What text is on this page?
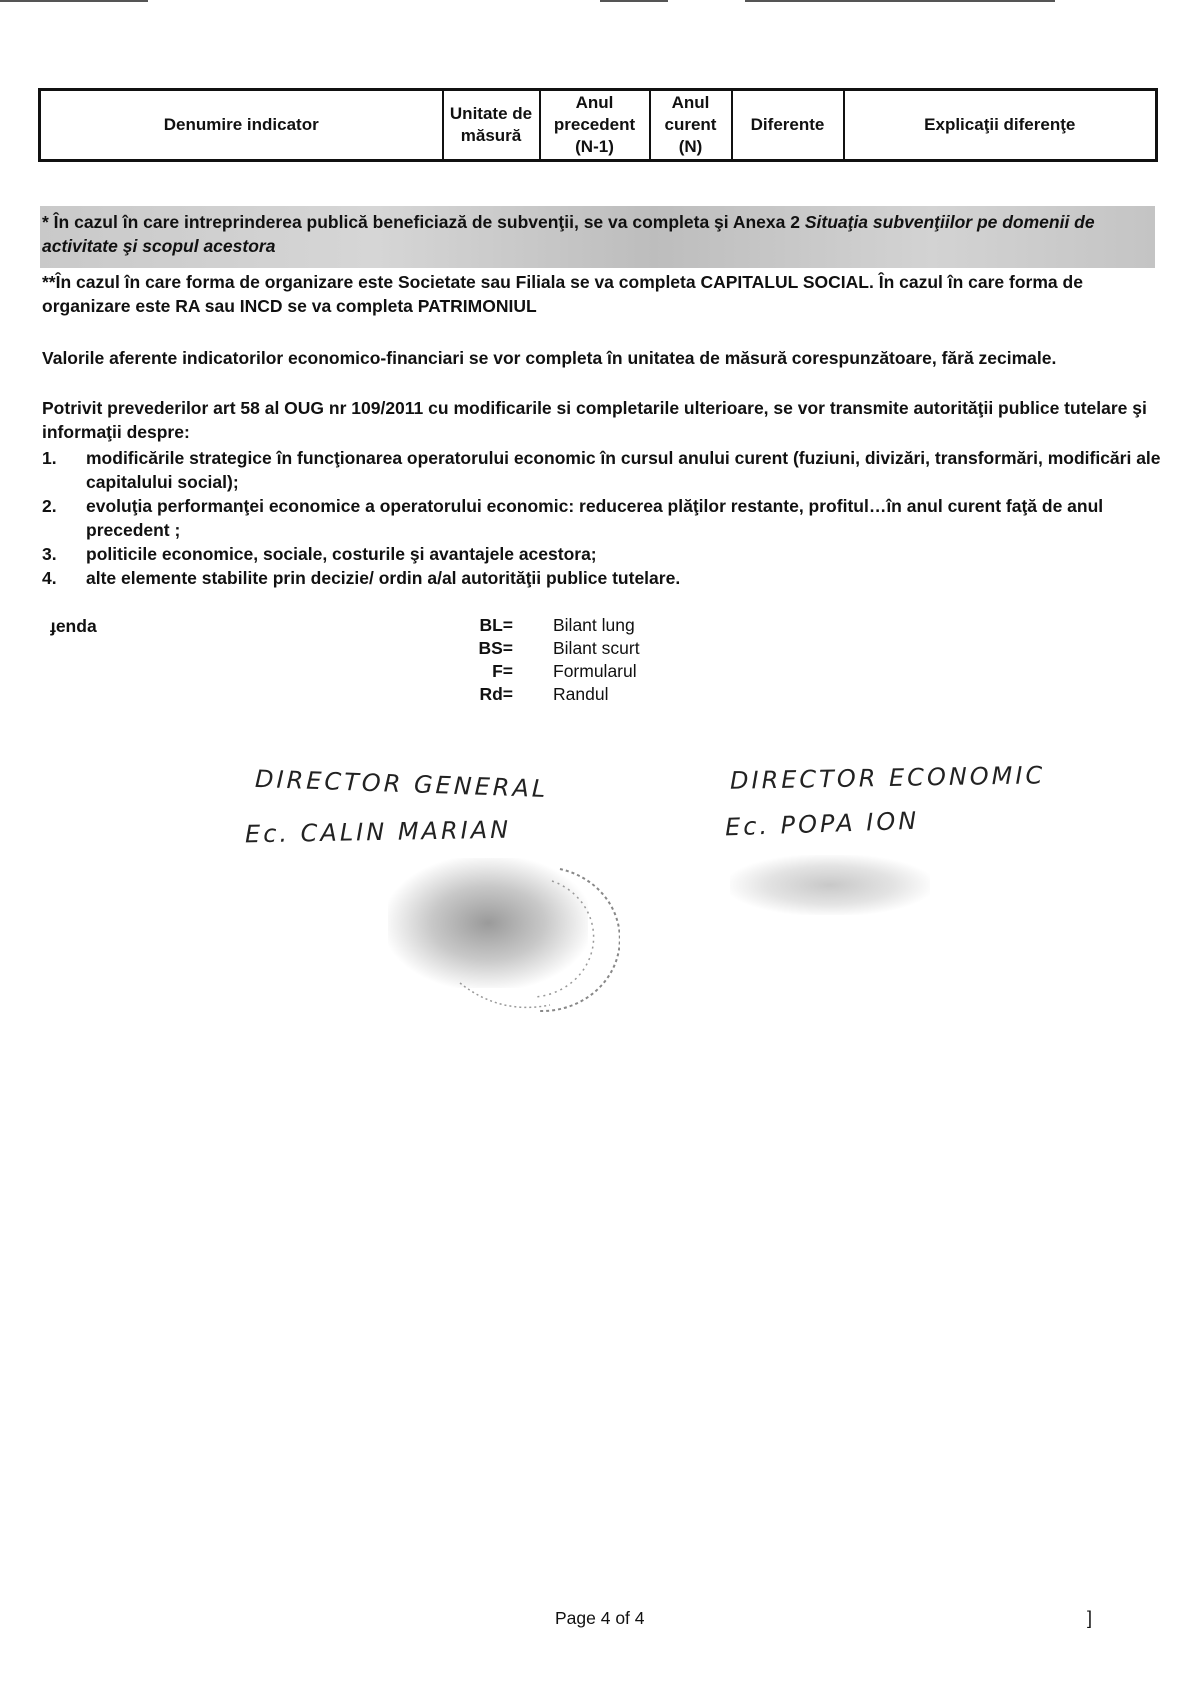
Denumire indicator	Unitate de măsură	Anul precedent (N-1)	Anul curent (N)	Diferente	Explicaţii diferenţe
* În cazul în care intreprinderea publică beneficiază de subvenţii, se va completa şi Anexa 2 Situaţia subvenţiilor pe domenii de activitate şi scopul acestora
**În cazul în care forma de organizare este Societate sau Filiala se va completa CAPITALUL SOCIAL. În cazul în care forma de organizare este RA sau INCD se va completa PATRIMONIUL
Valorile aferente indicatorilor economico-financiari se vor completa în unitatea de măsură corespunzătoare, fără zecimale.
Potrivit prevederilor art 58 al OUG nr 109/2011 cu modificarile si completarile ulterioare, se vor transmite autorităţii publice tutelare şi informaţii despre:
1.	modificările strategice în funcţionarea operatorului economic în cursul anului curent (fuziuni, divizări, transformări, modificări ale capitalului social);
2.	evoluţia performanţei economice a operatorului economic: reducerea plăţilor restante, profitul…în anul curent faţă de anul precedent ;
3.	politicile economice, sociale, costurile şi avantajele acestora;
4.	alte elemente stabilite prin decizie/ ordin a/al autorităţii publice tutelare.
ɟenda	BL= Bilant lung
BS= Bilant scurt
F= Formularul
Rd= Randul
DIRECTOR GENERAL
Ec. CALIN MARIAN
DIRECTOR ECONOMIC
Ec. POPA ION
Page 4 of 4	]
